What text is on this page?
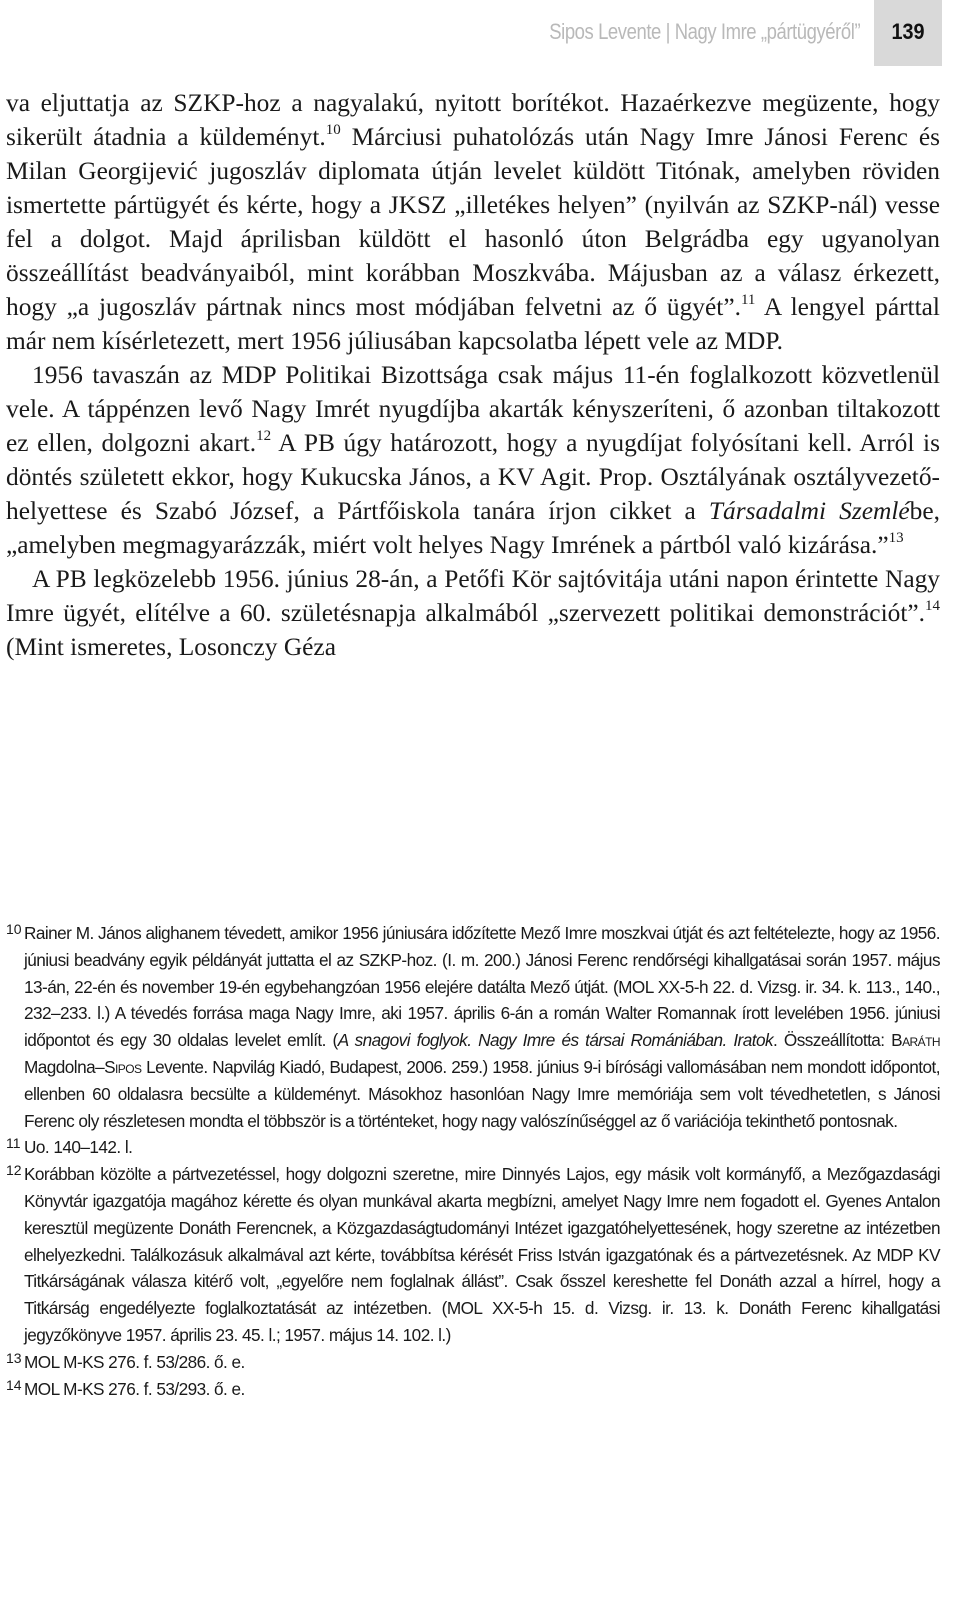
Sipos Levente | Nagy Imre „pártügyéről”	139

va eljuttatja az SZKP-hoz a nagyalakú, nyitott borítékot. Hazaérkezve megüzente, hogy sikerült átadnia a küldeményt.$^{10}$ Márciusi puhatolózás után Nagy Imre Jánosi Ferenc és Milan Georgijević jugoszláv diplomata útján levelet küldött Titónak, amelyben röviden ismertette pártügyét és kérte, hogy a JKSZ „illetékes helyen” (nyilván az SZKP-nál) vesse fel a dolgot. Majd áprilisban küldött el hasonló úton Belgrádba egy ugyanolyan összeállítást beadványaiból, mint korábban Moszkvába. Májusban az a válasz érkezett, hogy „a jugoszláv pártnak nincs most módjában felvetni az ő ügyét”.$^{11}$ A lengyel párttal már nem kísérletezett, mert 1956 júliusában kapcsolatba lépett vele az MDP.

1956 tavaszán az MDP Politikai Bizottsága csak május 11-én foglalkozott közvetlenül vele. A táppénzen levő Nagy Imrét nyugdíjba akarták kényszeríteni, ő azonban tiltakozott ez ellen, dolgozni akart.$^{12}$ A PB úgy határozott, hogy a nyugdíjat folyósítani kell. Arról is döntés született ekkor, hogy Kukucska János, a KV Agit. Prop. Osztályának osztályvezető-helyettese és Szabó József, a Pártfőiskola tanára írjon cikket a Társadalmi Szemlébe, „amelyben megmagyarázzák, miért volt helyes Nagy Imrének a pártból való kizárása.”$^{13}$

A PB legközelebb 1956. június 28-án, a Petőfi Kör sajtóvitája utáni napon érintette Nagy Imre ügyét, elítélve a 60. születésnapja alkalmából „szervezett politikai demonstrációt”.$^{14}$ (Mint ismeretes, Losonczy Géza

10 Rainer M. János alighanem tévedett, amikor 1956 júniusára időzítette Mező Imre moszkvai útját és azt feltételezte, hogy az 1956. júniusi beadvány egyik példányát juttatta el az SZKP-hoz. (I. m. 200.) Jánosi Ferenc rendőrségi kihallgatásai során 1957. május 13-án, 22-én és november 19-én egybehangzóan 1956 elejére datálta Mező útját. (MOL XX-5-h 22. d. Vizsg. ir. 34. k. 113., 140., 232–233. l.) A tévedés forrása maga Nagy Imre, aki 1957. április 6-án a román Walter Romannak írott levelében 1956. júniusi időpontot és egy 30 oldalas levelet említ. (A snagovi foglyok. Nagy Imre és társai Romániában. Iratok. Összeállította: Baráth Magdolna–Sipos Levente. Napvilág Kiadó, Budapest, 2006. 259.) 1958. június 9-i bírósági vallomásában nem mondott időpontot, ellenben 60 oldalasra becsülte a küldeményt. Másokhoz hasonlóan Nagy Imre memóriája sem volt tévedhetetlen, s Jánosi Ferenc oly részletesen mondta el többször is a történteket, hogy nagy valószínűséggel az ő variációja tekinthető pontosnak.
11 Uo. 140–142. l.
12 Korábban közölte a pártvezetéssel, hogy dolgozni szeretne, mire Dinnyés Lajos, egy másik volt kormányfő, a Mezőgazdasági Könyvtár igazgatója magához kérette és olyan munkával akarta megbízni, amelyet Nagy Imre nem fogadott el. Gyenes Antalon keresztül megüzente Donáth Ferencnek, a Közgazdaságtudományi Intézet igazgatóhelyettesének, hogy szeretne az intézetben elhelyezkedni. Találkozásuk alkalmával azt kérte, továbbítsa kérését Friss István igazgatónak és a pártvezetésnek. Az MDP KV Titkárságának válasza kitérő volt, „egyelőre nem foglalnak állást”. Csak ősszel kereshette fel Donáth azzal a hírrel, hogy a Titkárság engedélyezte foglalkoztatását az intézetben. (MOL XX-5-h 15. d. Vizsg. ir. 13. k. Donáth Ferenc kihallgatási jegyzőkönyve 1957. április 23. 45. l.; 1957. május 14. 102. l.)
13 MOL M-KS 276. f. 53/286. ő. e.
14 MOL M-KS 276. f. 53/293. ő. e.
